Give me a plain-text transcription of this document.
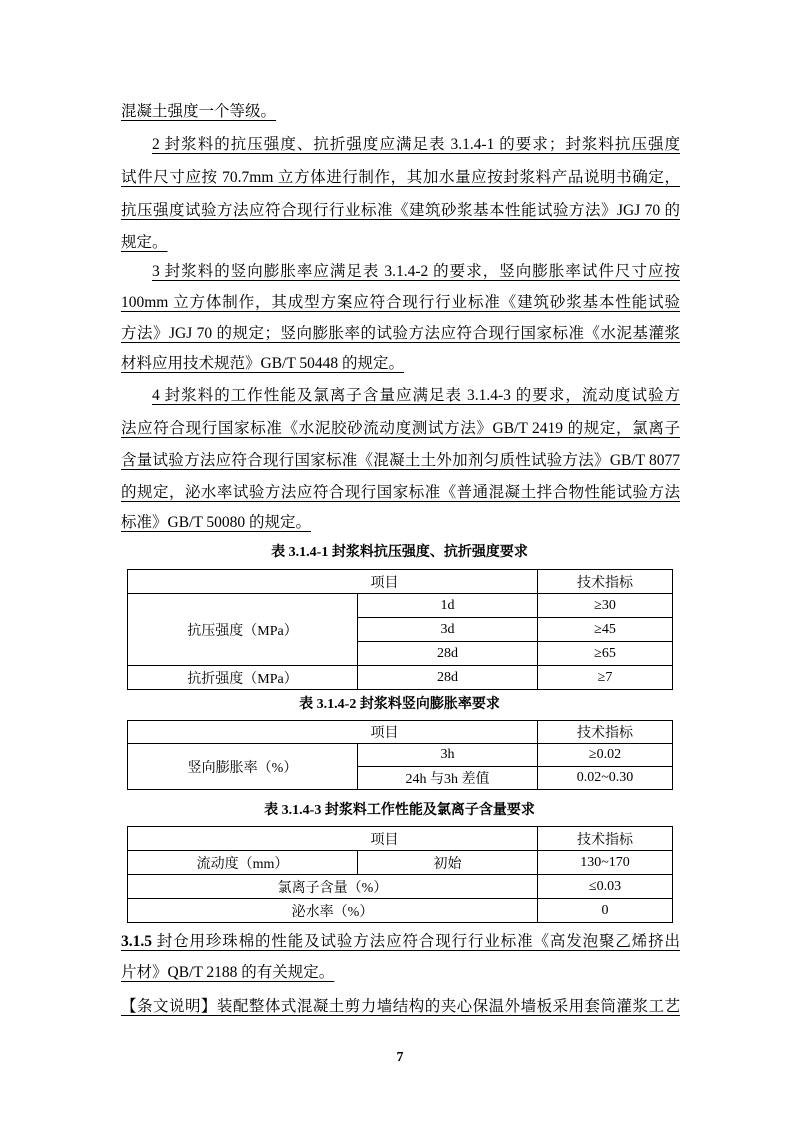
混凝土强度一个等级。
2 封浆料的抗压强度、抗折强度应满足表 3.1.4-1 的要求；封浆料抗压强度
试件尺寸应按 70.7mm 立方体进行制作，其加水量应按封浆料产品说明书确定，
抗压强度试验方法应符合现行行业标准《建筑砂浆基本性能试验方法》JGJ 70 的
规定。
3 封浆料的竖向膨胀率应满足表 3.1.4-2 的要求，竖向膨胀率试件尺寸应按
100mm 立方体制作，其成型方案应符合现行行业标准《建筑砂浆基本性能试验
方法》JGJ 70 的规定；竖向膨胀率的试验方法应符合现行国家标准《水泥基灌浆
材料应用技术规范》GB/T 50448 的规定。
4 封浆料的工作性能及氯离子含量应满足表 3.1.4-3 的要求，流动度试验方
法应符合现行国家标准《水泥胶砂流动度测试方法》GB/T 2419 的规定，氯离子
含量试验方法应符合现行国家标准《混凝土土外加剂匀质性试验方法》GB/T 8077
的规定，泌水率试验方法应符合现行国家标准《普通混凝土拌合物性能试验方法
标准》GB/T 50080 的规定。
表 3.1.4-1 封浆料抗压强度、抗折强度要求
项目		技术指标
抗压强度（MPa）	1d	≥30
	3d	≥45
	28d	≥65
抗折强度（MPa）	28d	≥7
表 3.1.4-2 封浆料竖向膨胀率要求
项目		技术指标
竖向膨胀率（%）	3h	≥0.02
	24h 与3h 差值	0.02~0.30
表 3.1.4-3 封浆料工作性能及氯离子含量要求
项目		技术指标
流动度（mm）	初始	130~170
氯离子含量（%）		≤0.03
泌水率（%）		0
3.1.5 封仓用珍珠棉的性能及试验方法应符合现行行业标准《高发泡聚乙烯挤出
片材》QB/T 2188 的有关规定。
【条文说明】装配整体式混凝土剪力墙结构的夹心保温外墙板采用套筒灌浆工艺
7
